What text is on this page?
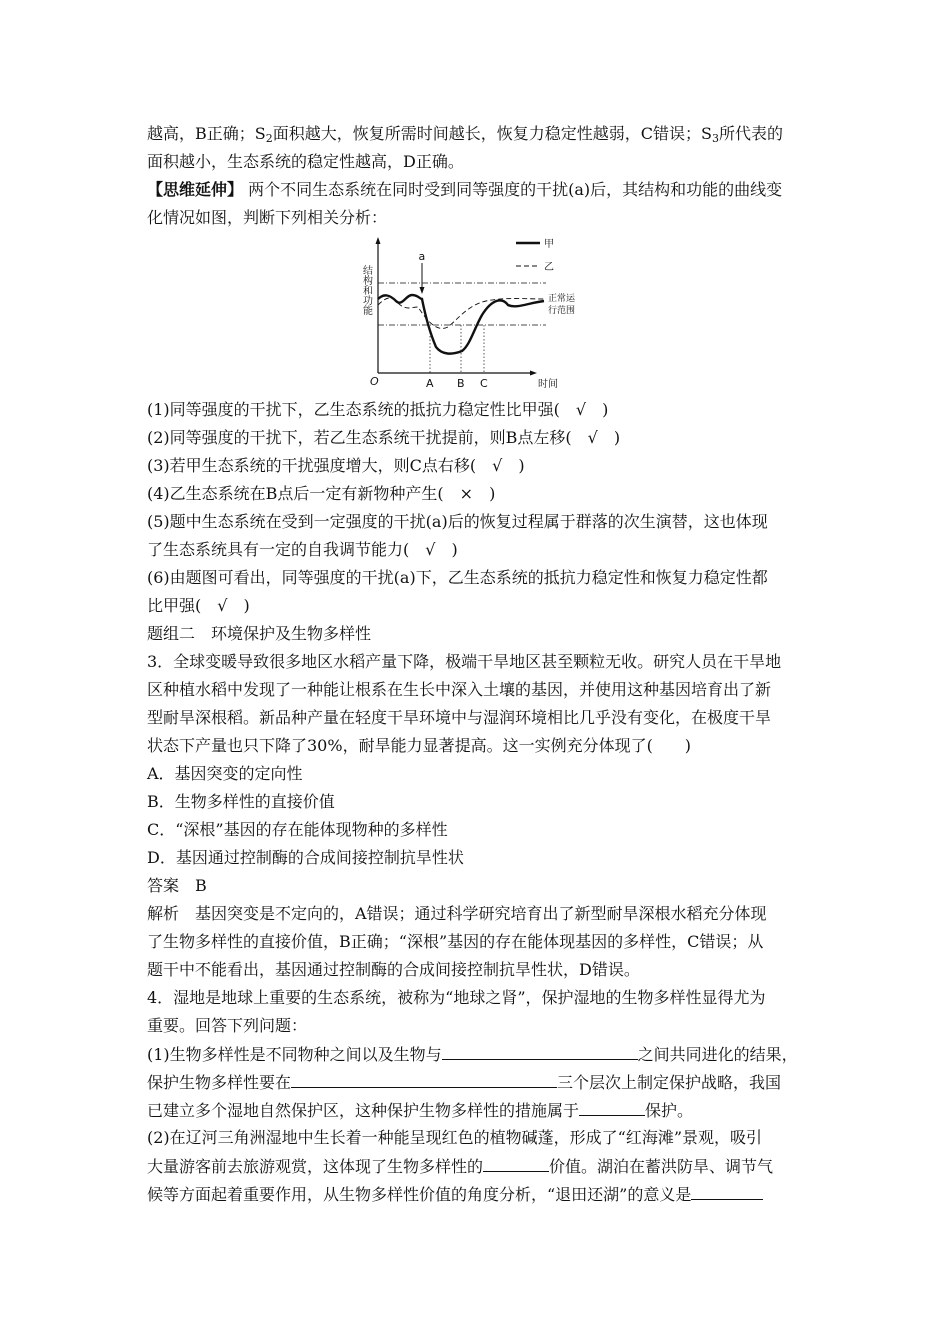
越高，B正确；$S_2$面积越大，恢复所需时间越长，恢复力稳定性越弱，C错误；$S_3$所代表的
面积越小，生态系统的稳定性越高，D正确。
【思维延伸】 两个不同生态系统在同时受到同等强度的干扰(a)后，其结构和功能的曲线变
化情况如图，判断下列相关分析：
a
结构和功能
O	A B C	时间
甲
乙
正常运
行范围
(1)同等强度的干扰下，乙生态系统的抵抗力稳定性比甲强(　√　)
(2)同等强度的干扰下，若乙生态系统干扰提前，则B点左移(　√　)
(3)若甲生态系统的干扰强度增大，则C点右移(　√　)
(4)乙生态系统在B点后一定有新物种产生(　×　)
(5)题中生态系统在受到一定强度的干扰(a)后的恢复过程属于群落的次生演替，这也体现
了生态系统具有一定的自我调节能力(　√　)
(6)由题图可看出，同等强度的干扰(a)下，乙生态系统的抵抗力稳定性和恢复力稳定性都
比甲强(　√　)
题组二　环境保护及生物多样性
3．全球变暖导致很多地区水稻产量下降，极端干旱地区甚至颗粒无收。研究人员在干旱地
区种植水稻中发现了一种能让根系在生长中深入土壤的基因，并使用这种基因培育出了新
型耐旱深根稻。新品种产量在轻度干旱环境中与湿润环境相比几乎没有变化，在极度干旱
状态下产量也只下降了30%，耐旱能力显著提高。这一实例充分体现了(　　)
A．基因突变的定向性
B．生物多样性的直接价值
C．“深根”基因的存在能体现物种的多样性
D．基因通过控制酶的合成间接控制抗旱性状
答案　B
解析　基因突变是不定向的，A错误；通过科学研究培育出了新型耐旱深根水稻充分体现
了生物多样性的直接价值，B正确；“深根”基因的存在能体现基因的多样性，C错误；从
题干中不能看出，基因通过控制酶的合成间接控制抗旱性状，D错误。
4．湿地是地球上重要的生态系统，被称为“地球之肾”，保护湿地的生物多样性显得尤为
重要。回答下列问题：
(1)生物多样性是不同物种之间以及生物与	之间共同进化的结果，
保护生物多样性要在	三个层次上制定保护战略，我国
已建立多个湿地自然保护区，这种保护生物多样性的措施属于	保护。
(2)在辽河三角洲湿地中生长着一种能呈现红色的植物碱蓬，形成了“红海滩”景观，吸引
大量游客前去旅游观赏，这体现了生物多样性的	价值。湖泊在蓄洪防旱、调节气
候等方面起着重要作用，从生物多样性价值的角度分析，“退田还湖”的意义是
